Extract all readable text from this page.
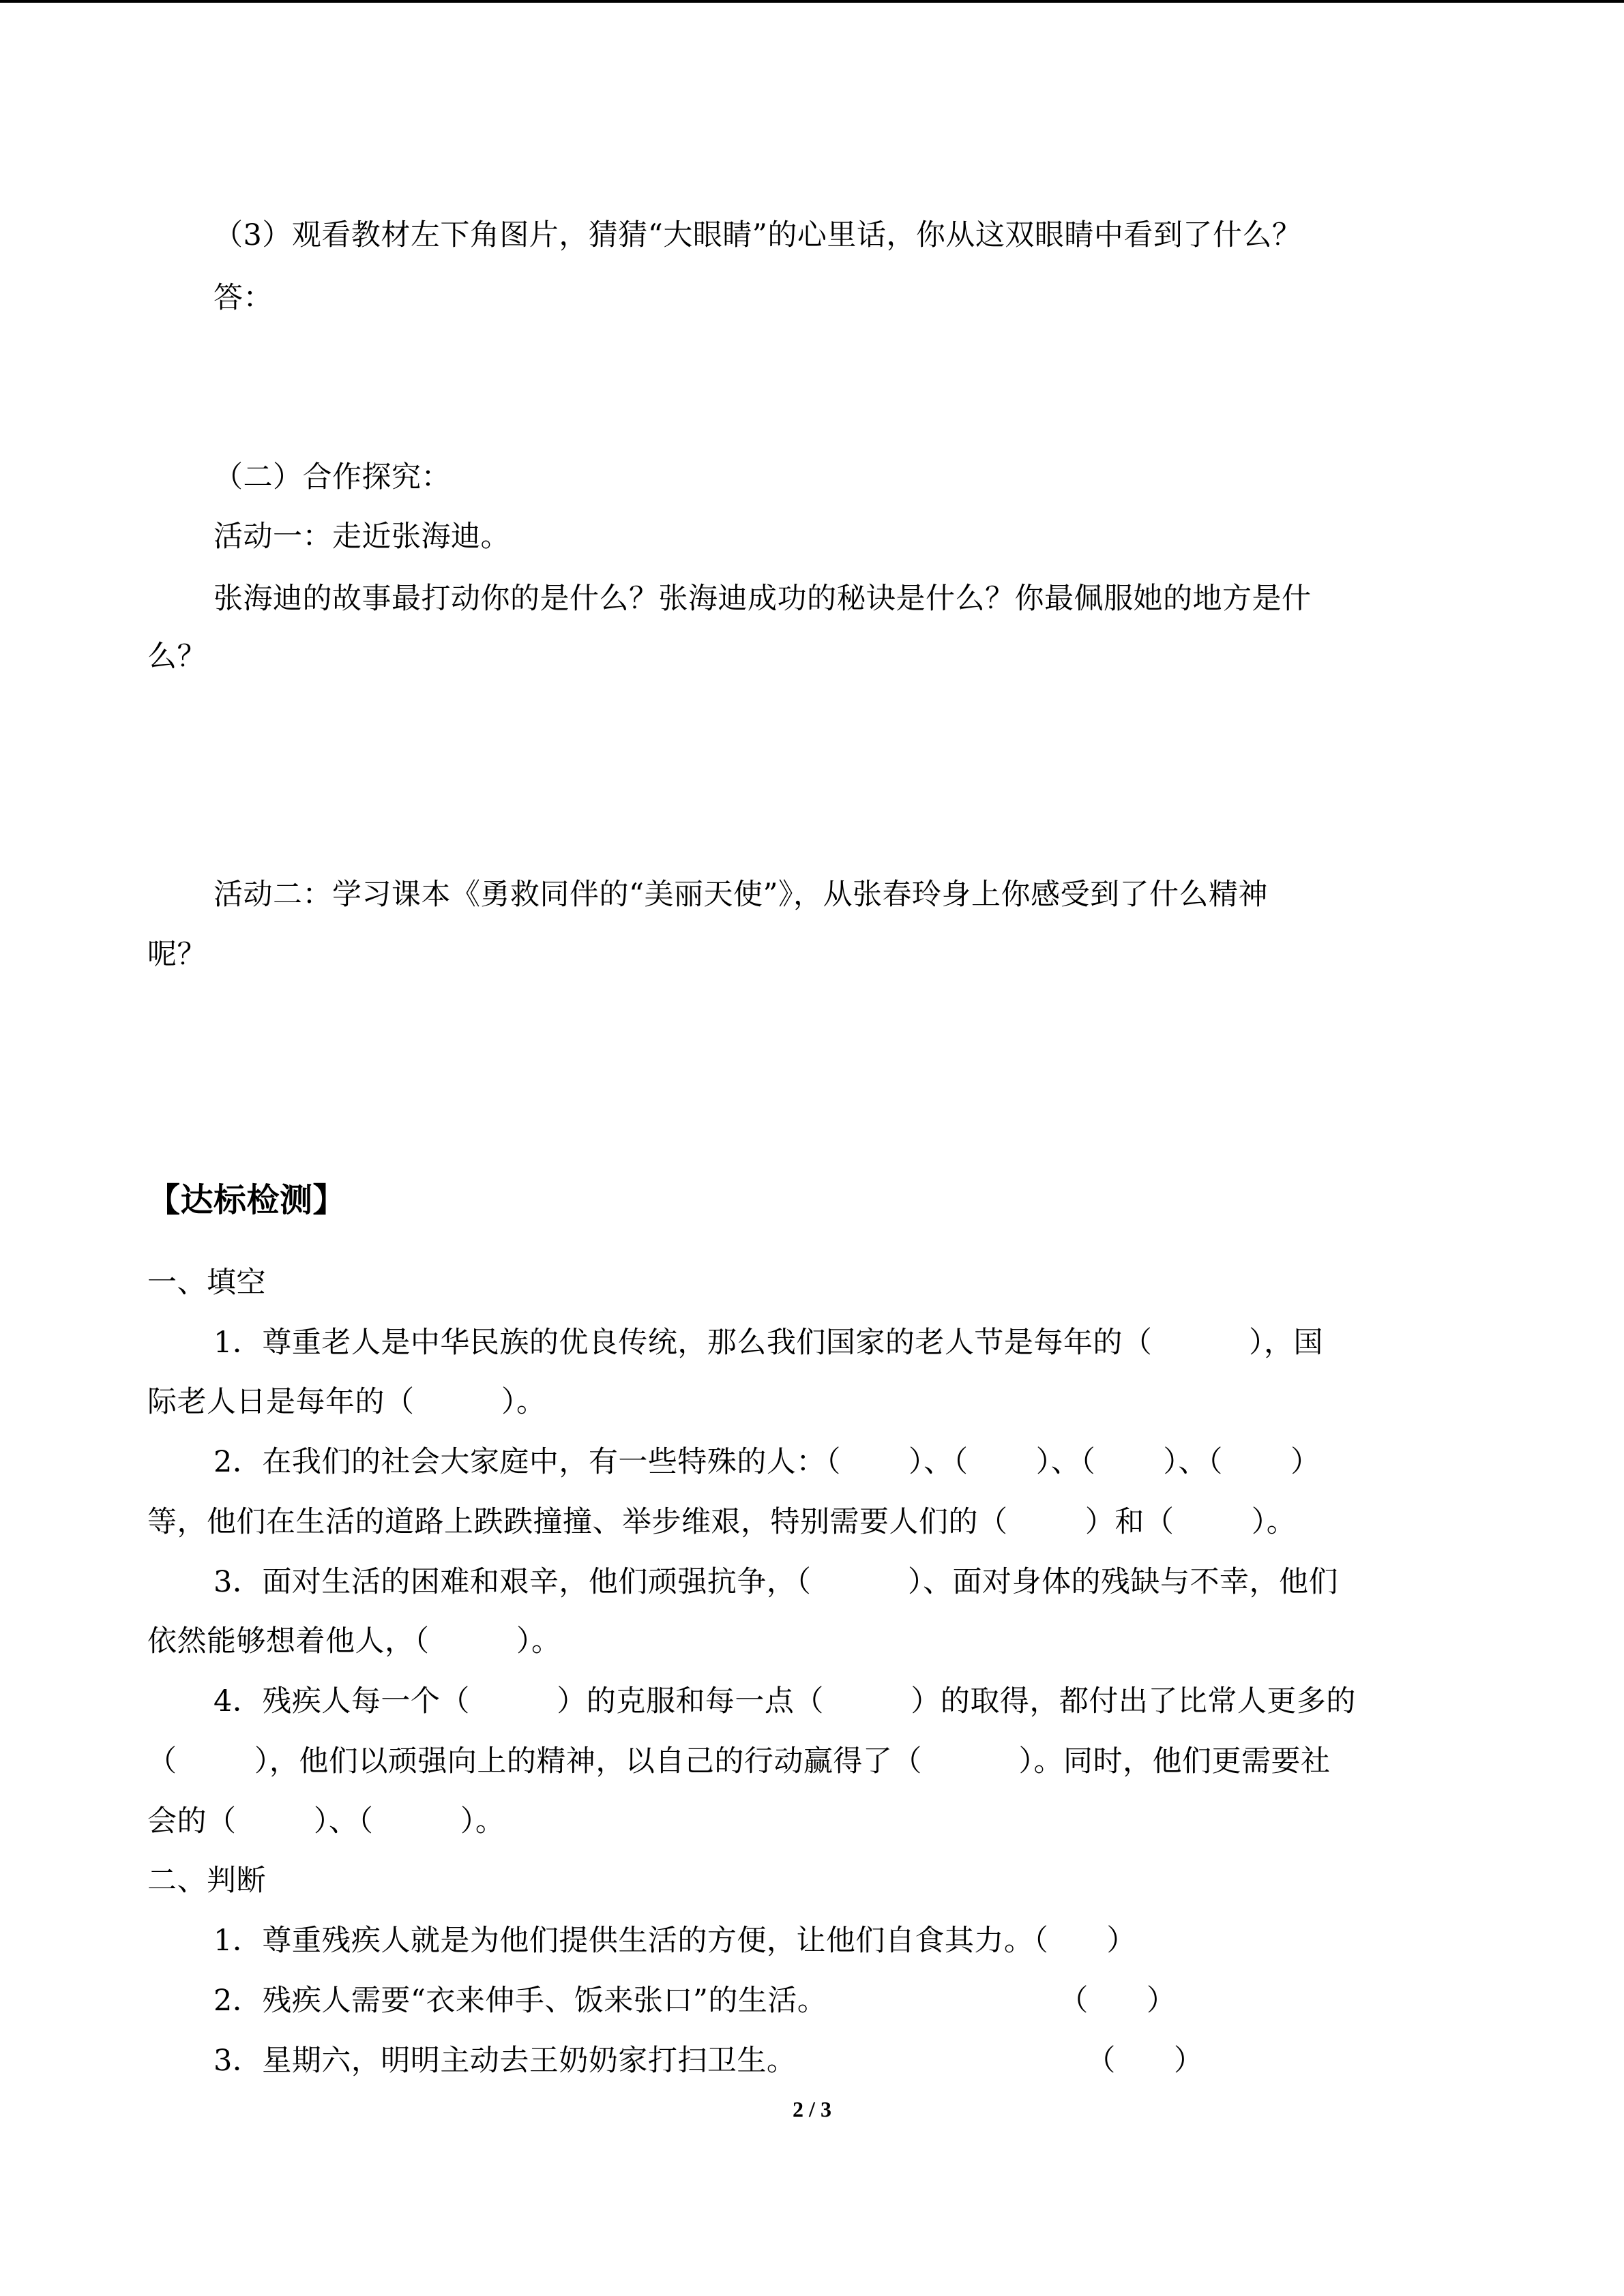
（3）观看教材左下角图片，猜猜“大眼睛”的心里话，你从这双眼睛中看到了什么？
答：
（二）合作探究：
活动一：走近张海迪。
张海迪的故事最打动你的是什么？张海迪成功的秘诀是什么？你最佩服她的地方是什
么？
活动二：学习课本《勇救同伴的“美丽天使”》，从张春玲身上你感受到了什么精神
呢？
【达标检测】
一、填空
1．尊重老人是中华民族的优良传统，那么我们国家的老人节是每年的（          ），国
际老人日是每年的（         ）。
2．在我们的社会大家庭中，有一些特殊的人：（       ）、（       ）、（       ）、（       ）
等，他们在生活的道路上跌跌撞撞、举步维艰，特别需要人们的（        ）和（        ）。
3．面对生活的困难和艰辛，他们顽强抗争，（          ）、面对身体的残缺与不幸，他们
依然能够想着他人，（         ）。
4．残疾人每一个（         ）的克服和每一点（         ）的取得，都付出了比常人更多的
（        ），他们以顽强向上的精神，以自己的行动赢得了（          ）。同时，他们更需要社
会的（        ）、（         ）。
二、判断
1．尊重残疾人就是为他们提供生活的方便，让他们自食其力。（      ）
2．残疾人需要“衣来伸手、饭来张口”的生活。                        （      ）
3．星期六，明明主动去王奶奶家打扫卫生。                              （      ）
2 / 3
